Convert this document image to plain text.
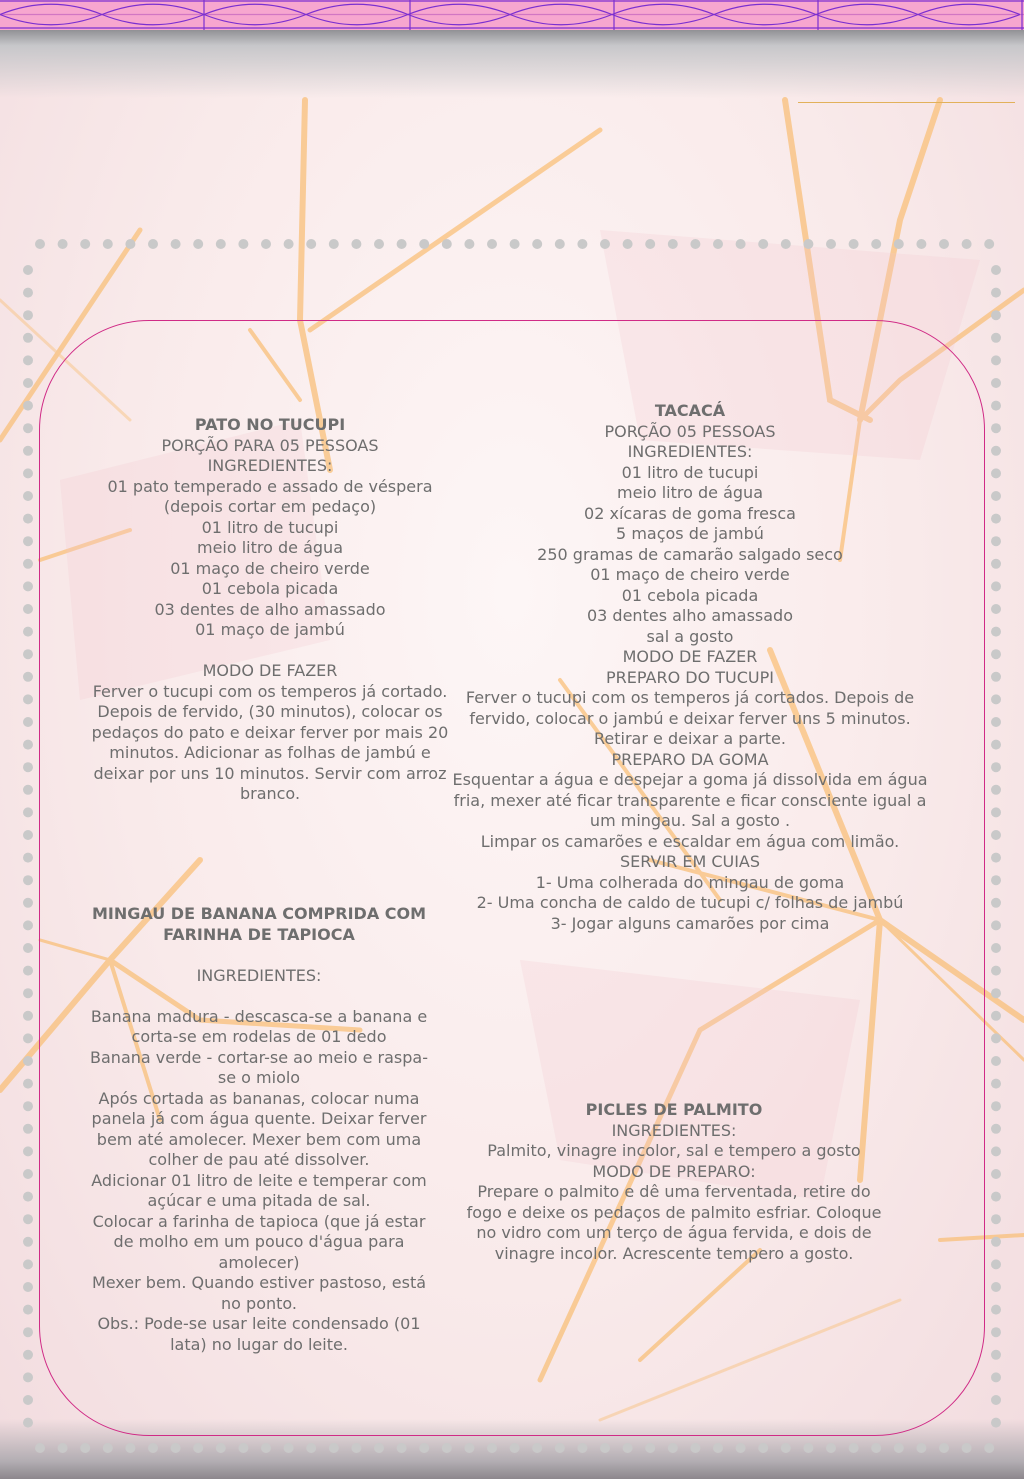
PATO NO TUCUPI
PORÇÃO PARA 05 PESSOAS
INGREDIENTES:
01 pato temperado e assado de véspera (depois cortar em pedaço)
01 litro de tucupi
meio litro de água
01 maço de cheiro verde
01 cebola picada
03 dentes de alho amassado
01 maço de jambú
MODO DE FAZER
Ferver o tucupi com os temperos já cortado. Depois de fervido, (30 minutos), colocar os pedaços do pato e deixar ferver por mais 20 minutos. Adicionar as folhas de jambú e deixar por uns 10 minutos. Servir com arroz branco.
TACACÁ
PORÇÃO 05 PESSOAS
INGREDIENTES:
01 litro de tucupi
meio litro de água
02 xícaras de goma fresca
5 maços de jambú
250 gramas de camarão salgado seco
01 maço de cheiro verde
01 cebola picada
03 dentes alho amassado
sal a gosto
MODO DE FAZER
PREPARO DO TUCUPI
Ferver o tucupi com os temperos já cortados. Depois de fervido, colocar o jambú e deixar ferver uns 5 minutos.
Retirar e deixar a parte.
PREPARO DA GOMA
Esquentar a água e despejar a goma já dissolvida em água fria, mexer até ficar transparente e ficar consciente igual a um mingau. Sal a gosto .
Limpar os camarões e escaldar em água com limão.
SERVIR EM CUIAS
1- Uma colherada do mingau de goma
2- Uma concha de caldo de tucupi c/ folhas de jambú
3- Jogar alguns camarões por cima
MINGAU DE BANANA COMPRIDA COM FARINHA DE TAPIOCA
INGREDIENTES:
Banana madura - descasca-se a banana e corta-se em rodelas de 01 dedo
Banana verde - cortar-se ao meio e raspa-se o miolo
Após cortada as bananas, colocar numa panela já com água quente. Deixar ferver bem até amolecer. Mexer bem com uma colher de pau até dissolver.
Adicionar 01 litro de leite e temperar com açúcar e uma pitada de sal.
Colocar a farinha de tapioca (que já estar de molho em um pouco d'água para amolecer)
Mexer bem. Quando estiver pastoso, está no ponto.
Obs.: Pode-se usar leite condensado (01 lata) no lugar do leite.
PICLES DE PALMITO
INGREDIENTES:
Palmito, vinagre incolor, sal e tempero a gosto
MODO DE PREPARO:
Prepare o palmito e dê uma ferventada, retire do fogo e deixe os pedaços de palmito esfriar. Coloque no vidro com um terço de água fervida, e dois de vinagre incolor. Acrescente tempero a gosto.
